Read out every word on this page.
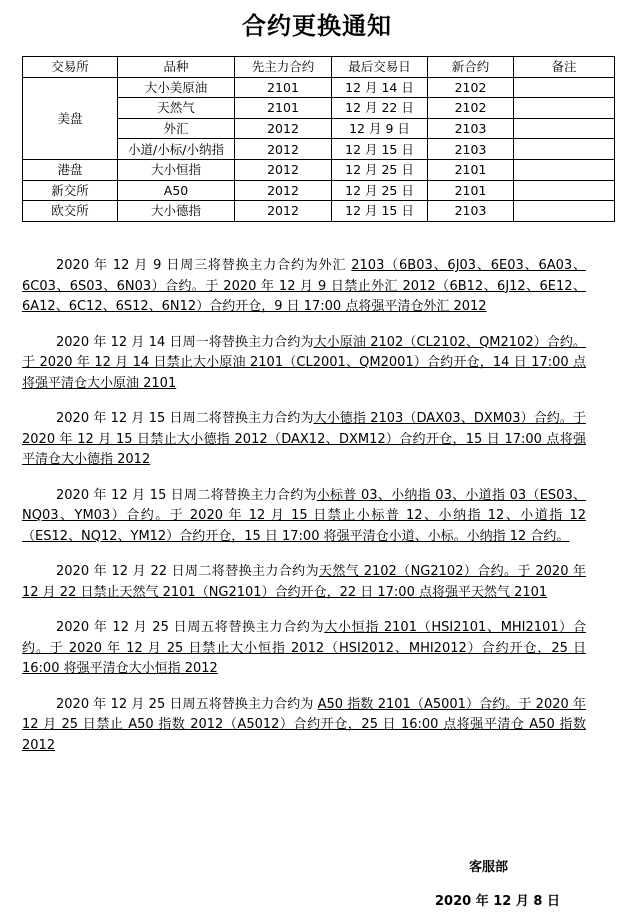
合约更换通知
交易所	品种	先主力合约	最后交易日	新合约	备注
美盘	大小美原油	2101	12 月 14 日	2102	
	天然气	2101	12 月 22 日	2102	
	外汇	2012	12 月 9 日	2103	
	小道/小标/小纳指	2012	12 月 15 日	2103	
港盘	大小恒指	2012	12 月 25 日	2101	
新交所	A50	2012	12 月 25 日	2101	
欧交所	大小德指	2012	12 月 15 日	2103	

2020 年 12 月 9 日周三将替换主力合约为外汇 2103（6B03、6J03、6E03、6A03、6C03、6S03、6N03）合约。于 2020 年 12 月 9 日禁止外汇 2012（6B12、6J12、6E12、6A12、6C12、6S12、6N12）合约开仓，9 日 17:00 点将强平清仓外汇 2012

2020 年 12 月 14 日周一将替换主力合约为大小原油 2102（CL2102、QM2102）合约。于 2020 年 12 月 14 日禁止大小原油 2101（CL2001、QM2001）合约开仓，14 日 17:00 点将强平清仓大小原油 2101

2020 年 12 月 15 日周二将替换主力合约为大小德指 2103（DAX03、DXM03）合约。于 2020 年 12 月 15 日禁止大小德指 2012（DAX12、DXM12）合约开仓，15 日 17:00 点将强平清仓大小德指 2012

2020 年 12 月 15 日周二将替换主力合约为小标普 03、小纳指 03、小道指 03（ES03、NQ03、YM03）合约。于 2020 年 12 月 15 日禁止小标普 12、小纳指 12、小道指 12（ES12、NQ12、YM12）合约开仓，15 日 17:00 将强平清仓小道、小标。小纳指 12 合约。

2020 年 12 月 22 日周二将替换主力合约为天然气 2102（NG2102）合约。于 2020 年 12 月 22 日禁止天然气 2101（NG2101）合约开仓，22 日 17:00 点将强平天然气 2101

2020 年 12 月 25 日周五将替换主力合约为大小恒指 2101（HSI2101、MHI2101）合约。于 2020 年 12 月 25 日禁止大小恒指 2012（HSI2012、MHI2012）合约开仓，25 日 16:00 将强平清仓大小恒指 2012

2020 年 12 月 25 日周五将替换主力合约为 A50 指数 2101（A5001）合约。于 2020 年 12 月 25 日禁止 A50 指数 2012（A5012）合约开仓，25 日 16:00 点将强平清仓 A50 指数 2012

客服部
2020 年 12 月 8 日
